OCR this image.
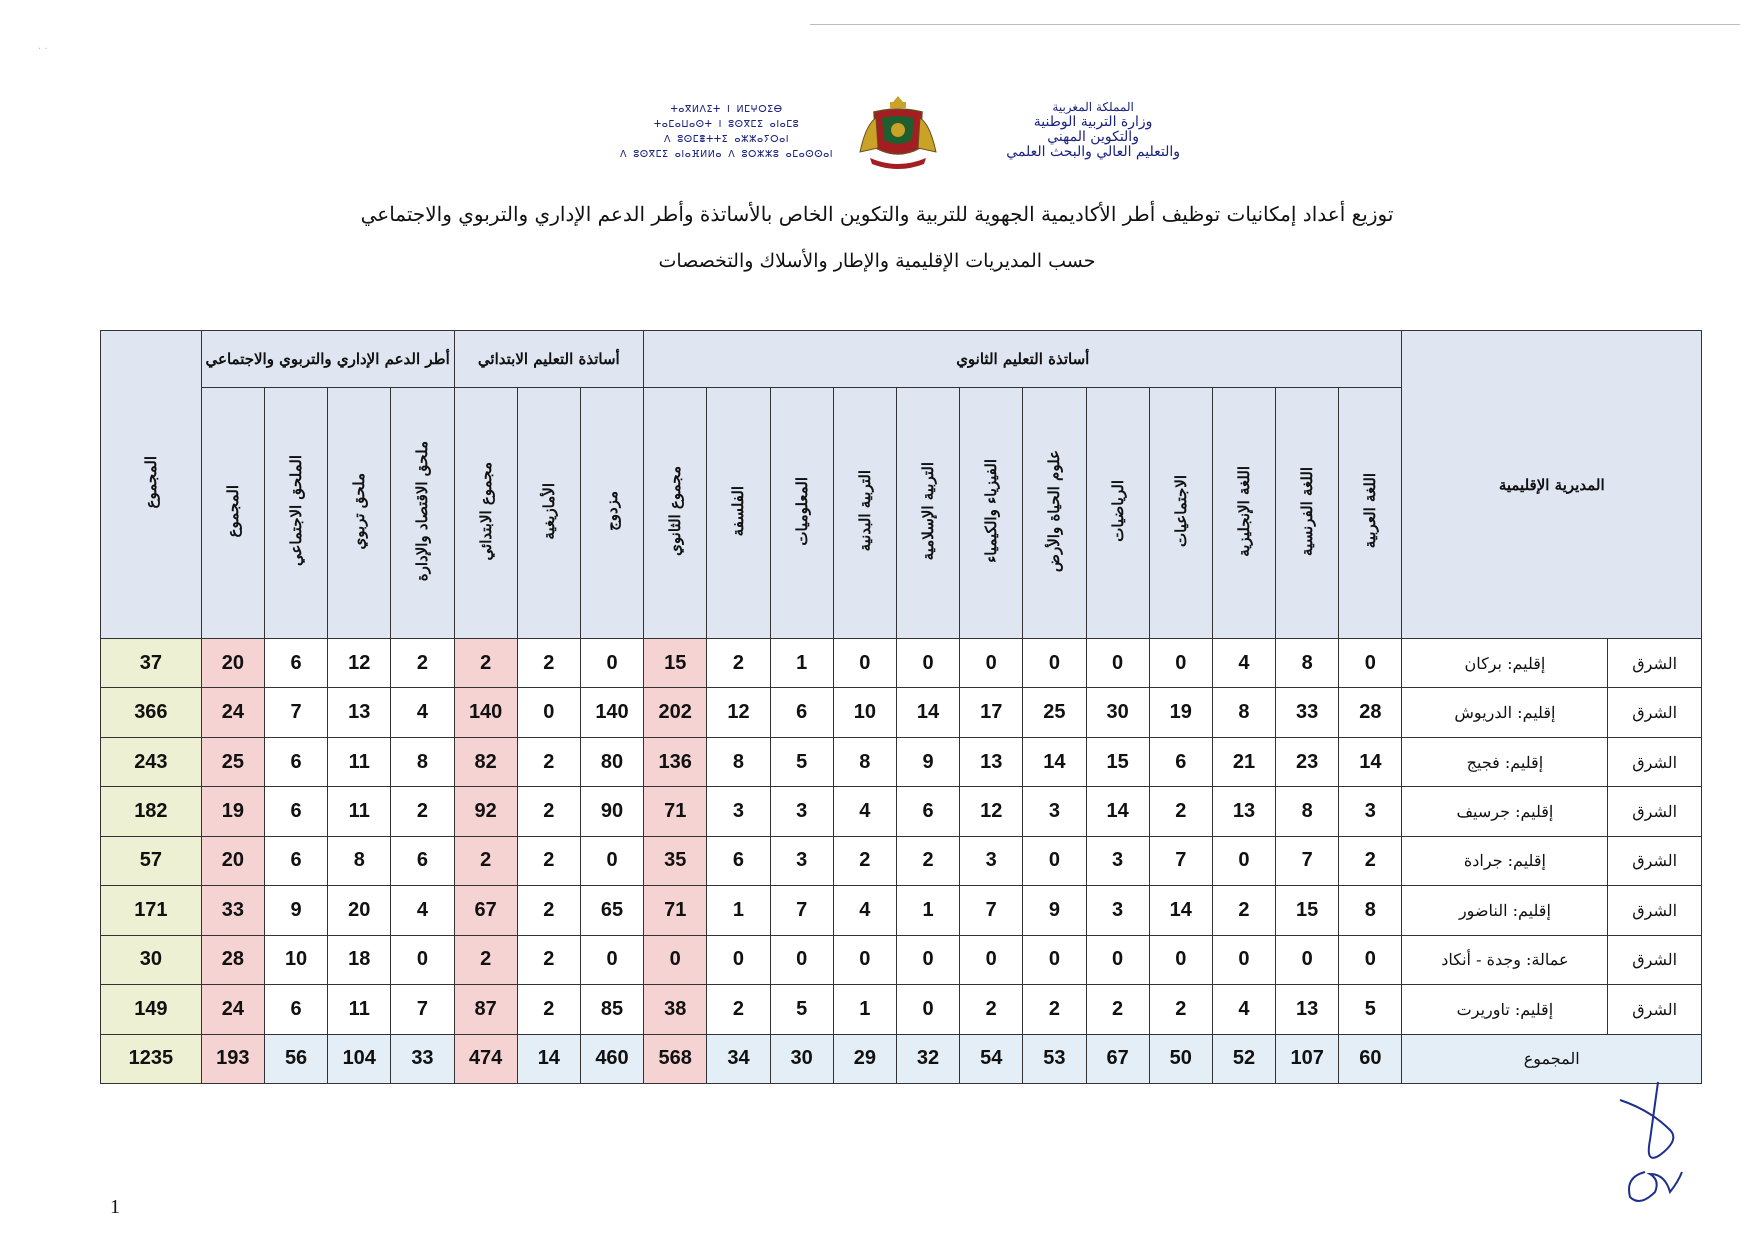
· ·
ⵜⴰⴳⵍⴷⵉⵜ ⵏ ⵍⵎⵖⵔⵉⴱ
ⵜⴰⵎⴰⵡⴰⵙⵜ ⵏ ⵓⵙⴳⵎⵉ ⴰⵏⴰⵎⵓ
ⴷ ⵓⵙⵎⴻⵜⵜⵉ ⴰⵣⵣⴰⵢⵔⴰⵏ
ⴷ ⵓⵙⴳⵎⵉ ⴰⵏⴰⴼⵍⵍⴰ ⴷ ⵓⵔⵣⵣⵓ ⴰⵎⴰⵙⵙⴰⵏ
المملكة المغربية
وزارة التربية الوطنية
والتكوين المهني
والتعليم العالي والبحث العلمي
توزيع أعداد إمكانيات توظيف أطر الأكاديمية الجهوية للتربية والتكوين الخاص بالأساتذة وأطر الدعم الإداري والتربوي والاجتماعي
حسب المديريات الإقليمية والإطار والأسلاك والتخصصات
المديرية الإقليمية		أساتذة التعليم الثانوي												أساتذة التعليم الابتدائي			أطر الدعم الإداري والتربوي والاجتماعي				المجموع
		اللغة العربية	اللغة الفرنسية	اللغة الإنجليزية	الاجتماعيات	الرياضيات	علوم الحياة والأرض	الفيزياء والكيمياء	التربية الإسلامية	التربية البدنية	المعلوميات	الفلسفة	مجموع الثانوي	مزدوج	الأمازيغية	مجموع الابتدائي	ملحق الاقتصاد والإدارة	ملحق تربوي	الملحق الاجتماعي	المجموع	
الشرق	إقليم: بركان	0	8	4	0	0	0	0	0	0	1	2	15	0	2	2	2	12	6	20	37
الشرق	إقليم: الدريوش	28	33	8	19	30	25	17	14	10	6	12	202	140	0	140	4	13	7	24	366
الشرق	إقليم: فجيج	14	23	21	6	15	14	13	9	8	5	8	136	80	2	82	8	11	6	25	243
الشرق	إقليم: جرسيف	3	8	13	2	14	3	12	6	4	3	3	71	90	2	92	2	11	6	19	182
الشرق	إقليم: جرادة	2	7	0	7	3	0	3	2	2	3	6	35	0	2	2	6	8	6	20	57
الشرق	إقليم: الناضور	8	15	2	14	3	9	7	1	4	7	1	71	65	2	67	4	20	9	33	171
الشرق	عمالة: وجدة - أنكاد	0	0	0	0	0	0	0	0	0	0	0	0	0	2	2	0	18	10	28	30
الشرق	إقليم: تاوريرت	5	13	4	2	2	2	2	0	1	5	2	38	85	2	87	7	11	6	24	149
المجموع		60	107	52	50	67	53	54	32	29	30	34	568	460	14	474	33	104	56	193	1235
1
